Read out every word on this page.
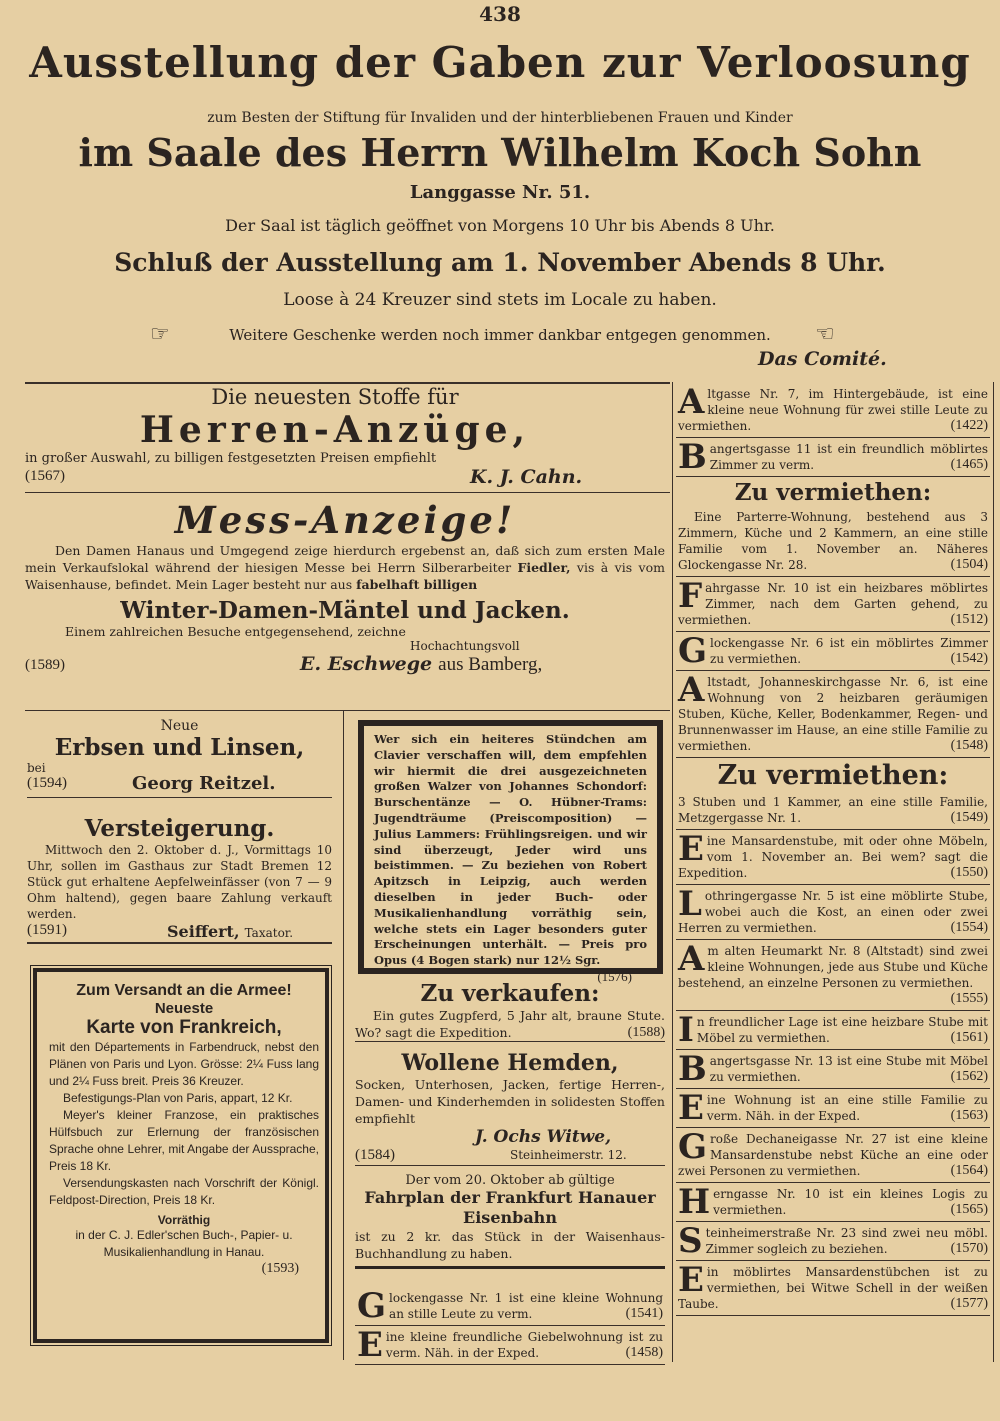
438
Ausstellung der Gaben zur Verloosung
zum Besten der Stiftung für Invaliden und der hinterbliebenen Frauen und Kinder
im Saale des Herrn Wilhelm Koch Sohn
Langgasse Nr. 51.
Der Saal ist täglich geöffnet von Morgens 10 Uhr bis Abends 8 Uhr.
Schluß der Ausstellung am 1. November Abends 8 Uhr.
Loose à 24 Kreuzer sind stets im Locale zu haben.
☞	Weitere Geschenke werden noch immer dankbar entgegen genommen.	☞
Das Comité.
Die neuesten Stoffe für
Herren-Anzüge,
in großer Auswahl, zu billigen festgesetzten Preisen empfiehlt
(1567)	K. J. Cahn.
Mess-Anzeige!
Den Damen Hanaus und Umgegend zeige hierdurch ergebenst an, daß sich zum ersten Male mein Verkaufslokal während der hiesigen Messe bei Herrn Silberarbeiter Fiedler, vis à vis vom Waisenhause, befindet. Mein Lager besteht nur aus fabelhaft billigen
Winter-Damen-Mäntel und Jacken.
Einem zahlreichen Besuche entgegensehend, zeichne
Hochachtungsvoll
(1589)	E. Eschwege aus Bamberg,
Neue
Erbsen und Linsen,
bei
(1594)	Georg Reitzel.
Versteigerung.
Mittwoch den 2. Oktober d. J., Vormittags 10 Uhr, sollen im Gasthaus zur Stadt Bremen 12 Stück gut erhaltene Aepfelweinfässer (von 7 — 9 Ohm haltend), gegen baare Zahlung verkauft werden.
(1591)	Seiffert, Taxator.
Zum Versandt an die Armee!
Neueste
Karte von Frankreich,
mit den Départements in Farbendruck, nebst den Plänen von Paris und Lyon. Grösse: 2¼ Fuss lang und 2¼ Fuss breit. Preis 36 Kreuzer.
Befestigungs-Plan von Paris, appart, 12 Kr.
Meyer's kleiner Franzose, ein praktisches Hülfsbuch zur Erlernung der französischen Sprache ohne Lehrer, mit Angabe der Aussprache, Preis 18 Kr.
Versendungskasten nach Vorschrift der Königl. Feldpost-Direction, Preis 18 Kr.
Vorräthig
in der C. J. Edler'schen Buch-, Papier- u. Musikalienhandlung in Hanau.
(1593)
Wer sich ein heiteres Stündchen am Clavier verschaffen will, dem empfehlen wir hiermit die drei ausgezeichneten großen Walzer von Johannes Schondorf: Burschentänze — O. Hübner-Trams: Jugendträume (Preiscomposition) — Julius Lammers: Frühlingsreigen. und wir sind überzeugt, Jeder wird uns beistimmen. — Zu beziehen von Robert Apitzsch in Leipzig, auch werden dieselben in jeder Buch- oder Musikalienhandlung vorräthig sein, welche stets ein Lager besonders guter Erscheinungen unterhält. — Preis pro Opus (4 Bogen stark) nur 12½ Sgr.
(1576)
Zu verkaufen:
Ein gutes Zugpferd, 5 Jahr alt, braune Stute. Wo? sagt die Expedition.	(1588)
Wollene Hemden,
Socken, Unterhosen, Jacken, fertige Herren-, Damen- und Kinderhemden in solidesten Stoffen empfiehlt
J. Ochs Witwe,
(1584)	Steinheimerstr. 12.
Der vom 20. Oktober ab gültige
Fahrplan der Frankfurt Hanauer Eisenbahn
ist zu 2 kr. das Stück in der Waisenhaus-Buchhandlung zu haben.
Glockengasse Nr. 1 ist eine kleine Wohnung an stille Leute zu verm.	(1541)
Eine kleine freundliche Giebelwohnung ist zu verm. Näh. in der Exped.	(1458)
Altgasse Nr. 7, im Hintergebäude, ist eine kleine neue Wohnung für zwei stille Leute zu vermiethen.	(1422)
Bangertsgasse 11 ist ein freundlich möblirtes Zimmer zu verm.	(1465)
Zu vermiethen:
Eine Parterre-Wohnung, bestehend aus 3 Zimmern, Küche und 2 Kammern, an eine stille Familie vom 1. November an. Näheres Glockengasse Nr. 28.	(1504)
Fahrgasse Nr. 10 ist ein heizbares möblirtes Zimmer, nach dem Garten gehend, zu vermiethen.	(1512)
Glockengasse Nr. 6 ist ein möblirtes Zimmer zu vermiethen.	(1542)
Altstadt, Johanneskirchgasse Nr. 6, ist eine Wohnung von 2 heizbaren geräumigen Stuben, Küche, Keller, Bodenkammer, Regen- und Brunnenwasser im Hause, an eine stille Familie zu vermiethen.	(1548)
Zu vermiethen:
3 Stuben und 1 Kammer, an eine stille Familie, Metzgergasse Nr. 1.	(1549)
Eine Mansardenstube, mit oder ohne Möbeln, vom 1. November an. Bei wem? sagt die Expedition.	(1550)
Lothringergasse Nr. 5 ist eine möblirte Stube, wobei auch die Kost, an einen oder zwei Herren zu vermiethen.	(1554)
Am alten Heumarkt Nr. 8 (Altstadt) sind zwei kleine Wohnungen, jede aus Stube und Küche bestehend, an einzelne Personen zu vermiethen.
(1555)
In freundlicher Lage ist eine heizbare Stube mit Möbel zu vermiethen.	(1561)
Bangertsgasse Nr. 13 ist eine Stube mit Möbel zu vermiethen.	(1562)
Eine Wohnung ist an eine stille Familie zu verm. Näh. in der Exped.	(1563)
Große Dechaneigasse Nr. 27 ist eine kleine Mansardenstube nebst Küche an eine oder zwei Personen zu vermiethen.	(1564)
Herngasse Nr. 10 ist ein kleines Logis zu vermiethen.	(1565)
Steinheimerstraße Nr. 23 sind zwei neu möbl. Zimmer sogleich zu beziehen.	(1570)
Ein möblirtes Mansardenstübchen ist zu vermiethen, bei Witwe Schell in der weißen Taube.	(1577)
